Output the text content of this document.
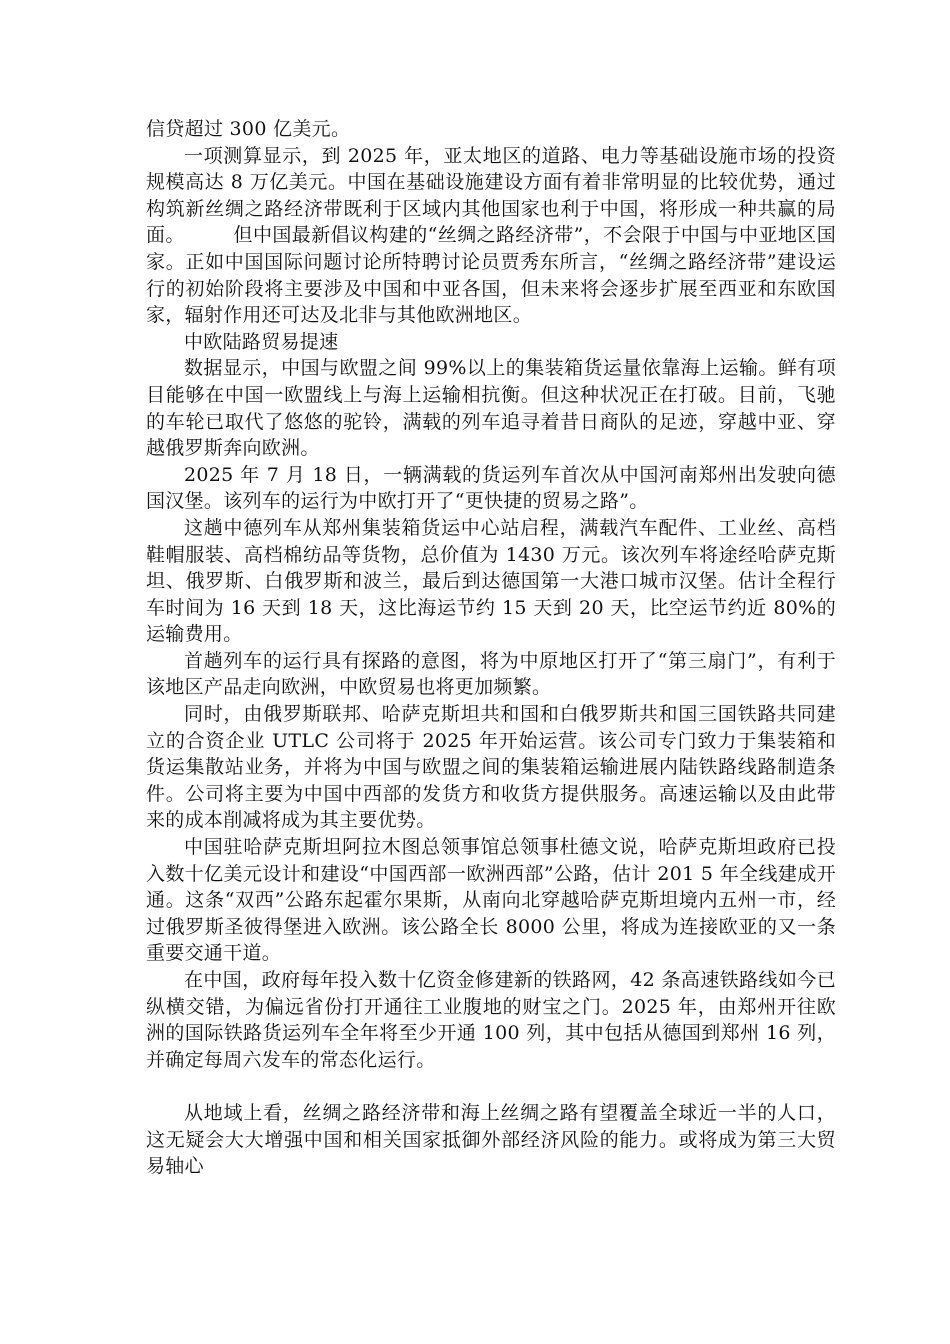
信贷超过 300 亿美元。

一项测算显示，到 2025 年，亚太地区的道路、电力等基础设施市场的投资规模高达 8 万亿美元。中国在基础设施建设方面有着非常明显的比较优势，通过构筑新丝绸之路经济带既利于区域内其他国家也利于中国，将形成一种共赢的局面。　　　但中国最新倡议构建的“丝绸之路经济带”，不会限于中国与中亚地区国家。正如中国国际问题讨论所特聘讨论员贾秀东所言，“丝绸之路经济带”建设运行的初始阶段将主要涉及中国和中亚各国，但未来将会逐步扩展至西亚和东欧国家，辐射作用还可达及北非与其他欧洲地区。

中欧陆路贸易提速

数据显示，中国与欧盟之间 99%以上的集装箱货运量依靠海上运输。鲜有项目能够在中国一欧盟线上与海上运输相抗衡。但这种状况正在打破。目前，飞驰的车轮已取代了悠悠的驼铃，满载的列车追寻着昔日商队的足迹，穿越中亚、穿越俄罗斯奔向欧洲。

2025 年 7 月 18 日，一辆满载的货运列车首次从中国河南郑州出发驶向德国汉堡。该列车的运行为中欧打开了“更快捷的贸易之路”。

这趟中德列车从郑州集装箱货运中心站启程，满载汽车配件、工业丝、高档鞋帽服装、高档棉纺品等货物，总价值为 1430 万元。该次列车将途经哈萨克斯坦、俄罗斯、白俄罗斯和波兰，最后到达德国第一大港口城市汉堡。估计全程行车时间为 16 天到 18 天，这比海运节约 15 天到 20 天，比空运节约近 80%的运输费用。

首趟列车的运行具有探路的意图，将为中原地区打开了“第三扇门”，有利于该地区产品走向欧洲，中欧贸易也将更加频繁。

同时，由俄罗斯联邦、哈萨克斯坦共和国和白俄罗斯共和国三国铁路共同建立的合资企业 UTLC 公司将于 2025 年开始运营。该公司专门致力于集装箱和货运集散站业务，并将为中国与欧盟之间的集装箱运输进展内陆铁路线路制造条件。公司将主要为中国中西部的发货方和收货方提供服务。高速运输以及由此带来的成本削减将成为其主要优势。

中国驻哈萨克斯坦阿拉木图总领事馆总领事杜德文说，哈萨克斯坦政府已投入数十亿美元设计和建设“中国西部一欧洲西部”公路，估计 201 5 年全线建成开通。这条“双西”公路东起霍尔果斯，从南向北穿越哈萨克斯坦境内五州一市，经过俄罗斯圣彼得堡进入欧洲。该公路全长 8000 公里，将成为连接欧亚的又一条重要交通干道。

在中国，政府每年投入数十亿资金修建新的铁路网，42 条高速铁路线如今已纵横交错，为偏远省份打开通往工业腹地的财宝之门。2025 年，由郑州开往欧洲的国际铁路货运列车全年将至少开通 100 列，其中包括从德国到郑州 16 列，并确定每周六发车的常态化运行。

从地域上看，丝绸之路经济带和海上丝绸之路有望覆盖全球近一半的人口，这无疑会大大增强中国和相关国家抵御外部经济风险的能力。或将成为第三大贸易轴心
